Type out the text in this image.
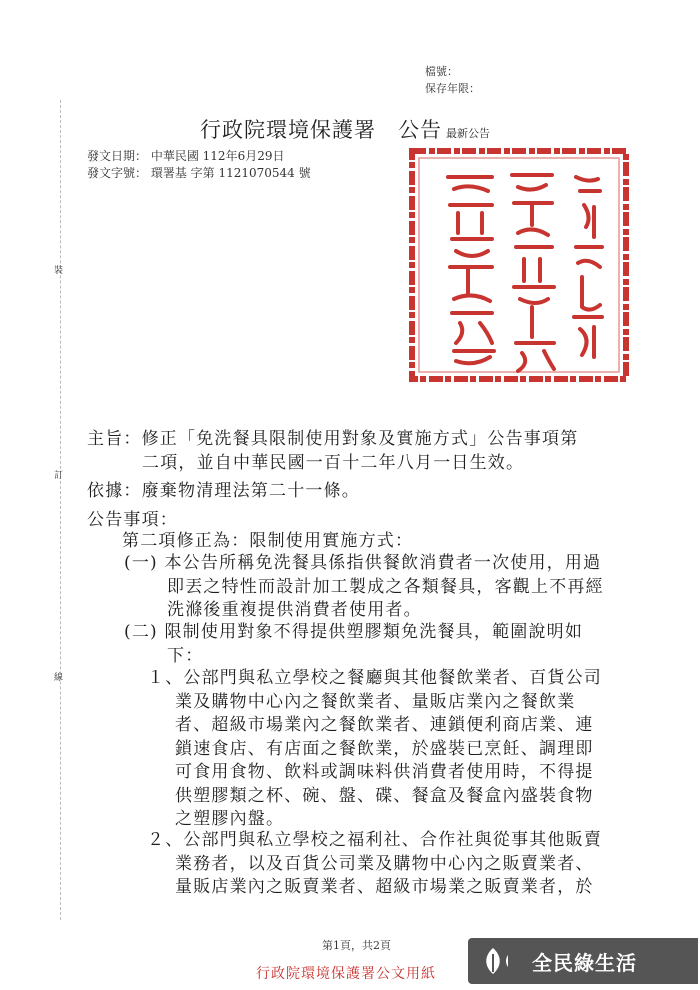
檔號：
保存年限：
行政院環境保護署　公告 最新公告
發文日期： 中華民國 112年6月29日
發文字號： 環署基 字第 1121070544 號
裝
訂
線
主旨：修正「免洗餐具限制使用對象及實施方式」公告事項第
二項，並自中華民國一百十二年八月一日生效。
依據：廢棄物清理法第二十一條。
公告事項：
第二項修正為：限制使用實施方式：
(一) 本公告所稱免洗餐具係指供餐飲消費者一次使用，用過
即丟之特性而設計加工製成之各類餐具，客觀上不再經
洗滌後重複提供消費者使用者。
(二) 限制使用對象不得提供塑膠類免洗餐具，範圍說明如
下：
１、公部門與私立學校之餐廳與其他餐飲業者、百貨公司
業及購物中心內之餐飲業者、量販店業內之餐飲業
者、超級市場業內之餐飲業者、連鎖便利商店業、連
鎖速食店、有店面之餐飲業，於盛裝已烹飪、調理即
可食用食物、飲料或調味料供消費者使用時，不得提
供塑膠類之杯、碗、盤、碟、餐盒及餐盒內盛裝食物
之塑膠內盤。
２、公部門與私立學校之福利社、合作社與從事其他販賣
業務者，以及百貨公司業及購物中心內之販賣業者、
量販店業內之販賣業者、超級市場業之販賣業者，於
第1頁，共2頁
行政院環境保護署公文用紙	全民綠生活
